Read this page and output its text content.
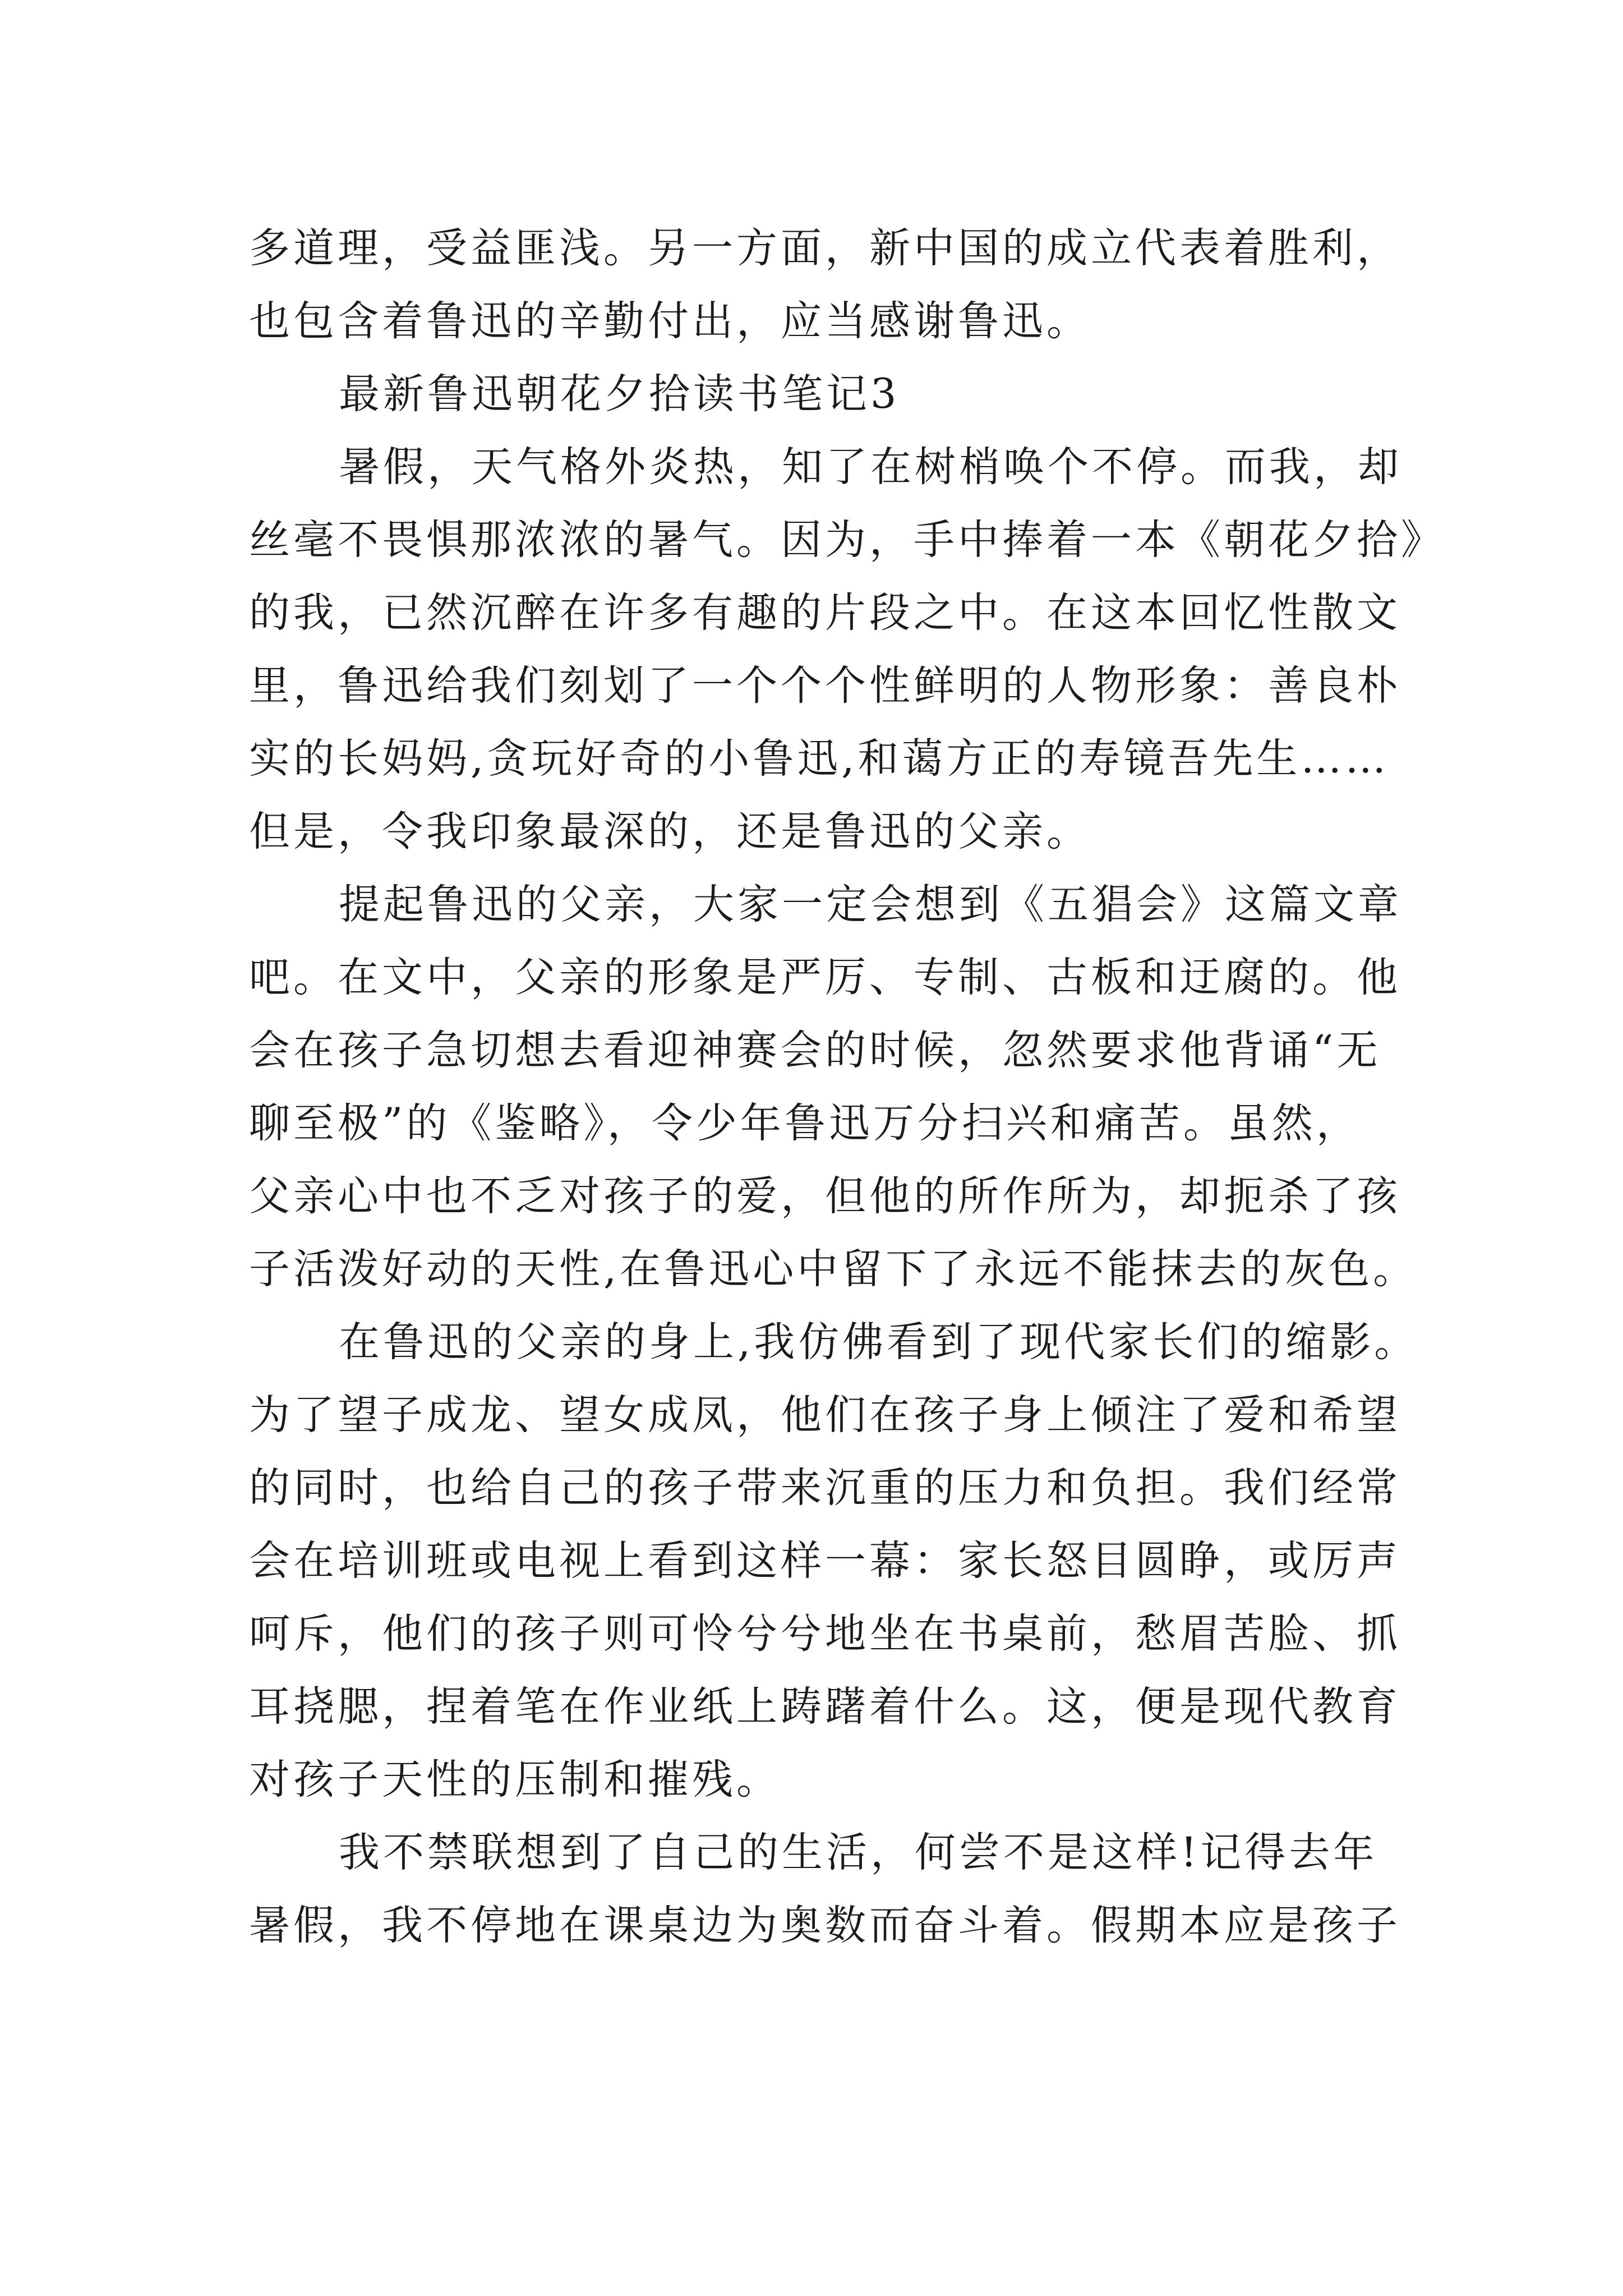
多道理，受益匪浅。另一方面，新中国的成立代表着胜利，
也包含着鲁迅的辛勤付出，应当感谢鲁迅。
最新鲁迅朝花夕拾读书笔记3
暑假，天气格外炎热，知了在树梢唤个不停。而我，却
丝毫不畏惧那浓浓的暑气。因为，手中捧着一本《朝花夕拾》
的我，已然沉醉在许多有趣的片段之中。在这本回忆性散文
里，鲁迅给我们刻划了一个个个性鲜明的人物形象：善良朴
实的长妈妈,贪玩好奇的小鲁迅,和蔼方正的寿镜吾先生……
但是，令我印象最深的，还是鲁迅的父亲。
提起鲁迅的父亲，大家一定会想到《五猖会》这篇文章
吧。在文中，父亲的形象是严厉、专制、古板和迂腐的。他
会在孩子急切想去看迎神赛会的时候，忽然要求他背诵“无
聊至极”的《鉴略》，令少年鲁迅万分扫兴和痛苦。虽然，
父亲心中也不乏对孩子的爱，但他的所作所为，却扼杀了孩
子活泼好动的天性,在鲁迅心中留下了永远不能抹去的灰色。
在鲁迅的父亲的身上,我仿佛看到了现代家长们的缩影。
为了望子成龙、望女成凤，他们在孩子身上倾注了爱和希望
的同时，也给自己的孩子带来沉重的压力和负担。我们经常
会在培训班或电视上看到这样一幕：家长怒目圆睁，或厉声
呵斥，他们的孩子则可怜兮兮地坐在书桌前，愁眉苦脸、抓
耳挠腮，捏着笔在作业纸上踌躇着什么。这，便是现代教育
对孩子天性的压制和摧残。
我不禁联想到了自己的生活，何尝不是这样!记得去年
暑假，我不停地在课桌边为奥数而奋斗着。假期本应是孩子
